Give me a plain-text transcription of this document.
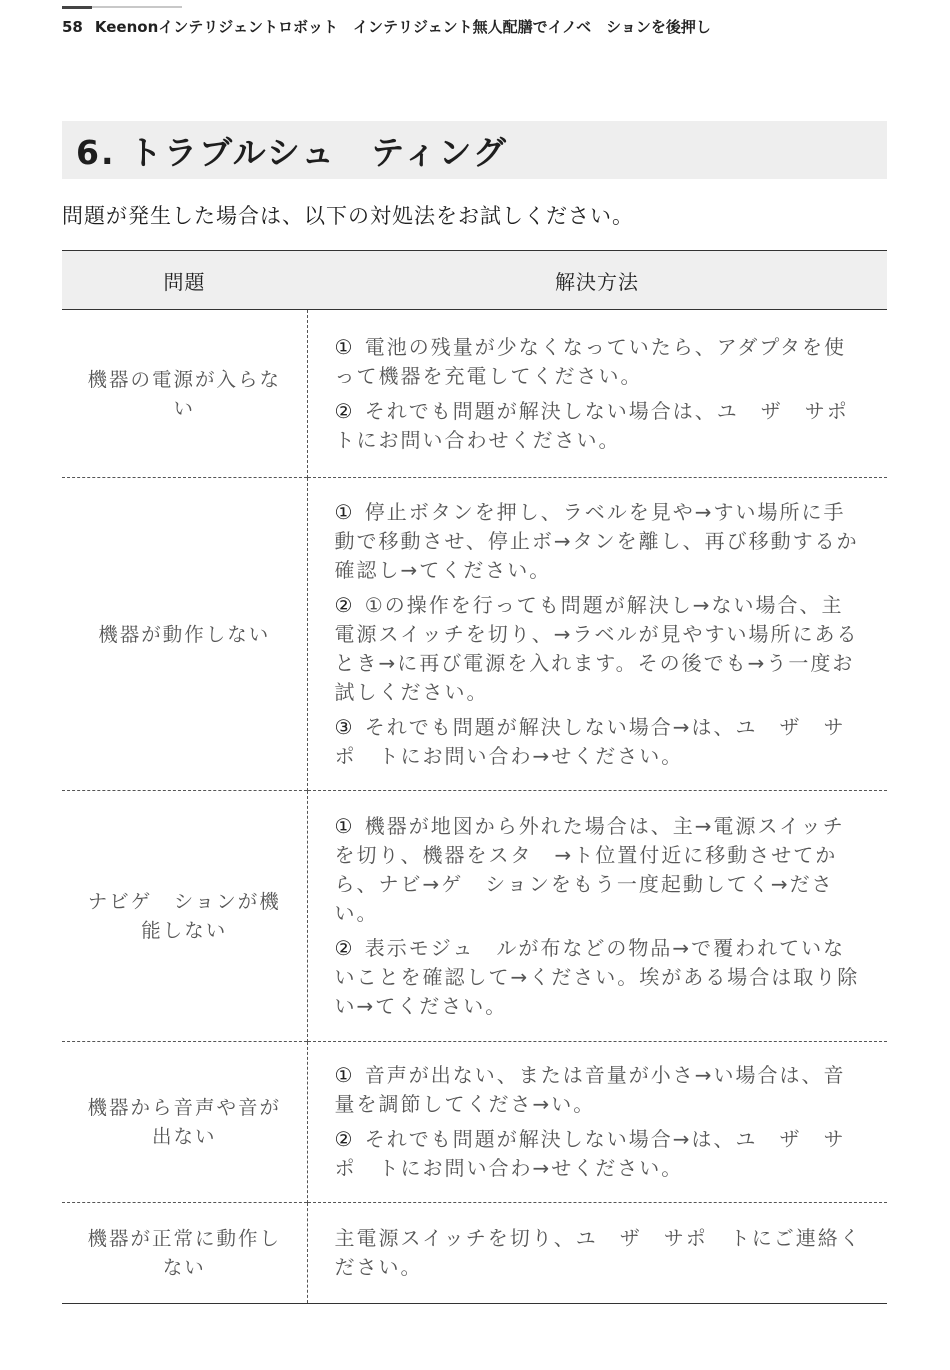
58 Keenonインテリジェントロボット　インテリジェント無人配膳でイノベ　ションを後押し
6. トラブルシュ　ティング
問題が発生した場合は、以下の対処法をお試しください。
問題	解決方法
機器の電源が入らない	① 電池の残量が少なくなっていたら、アダプタを使って機器を充電してください。
② それでも問題が解決しない場合は、ユ　ザ　サポ　トにお問い合わせください。

機器が動作しない	① 停止ボタンを押し、ラベルを見や→すい場所に手動で移動させ、停止ボ→タンを離し、再び移動するか確認し→てください。
② ①の操作を行っても問題が解決し→ない場合、主電源スイッチを切り、→ラベルが見やすい場所にあるとき→に再び電源を入れます。その後でも→う一度お試しください。
③ それでも問題が解決しない場合→は、ユ　ザ　サポ　トにお問い合わ→せください。

ナビゲ　ションが機能しない	① 機器が地図から外れた場合は、主→電源スイッチを切り、機器をスタ　→ト位置付近に移動させてから、ナビ→ゲ　ションをもう一度起動してく→ださい。
② 表示モジュ　ルが布などの物品→で覆われていないことを確認して→ください。埃がある場合は取り除い→てください。

機器から音声や音が出ない	① 音声が出ない、または音量が小さ→い場合は、音量を調節してくださ→い。
② それでも問題が解決しない場合→は、ユ　ザ　サポ　トにお問い合わ→せください。

機器が正常に動作しない	主電源スイッチを切り、ユ　ザ　サポ　トにご連絡ください。
